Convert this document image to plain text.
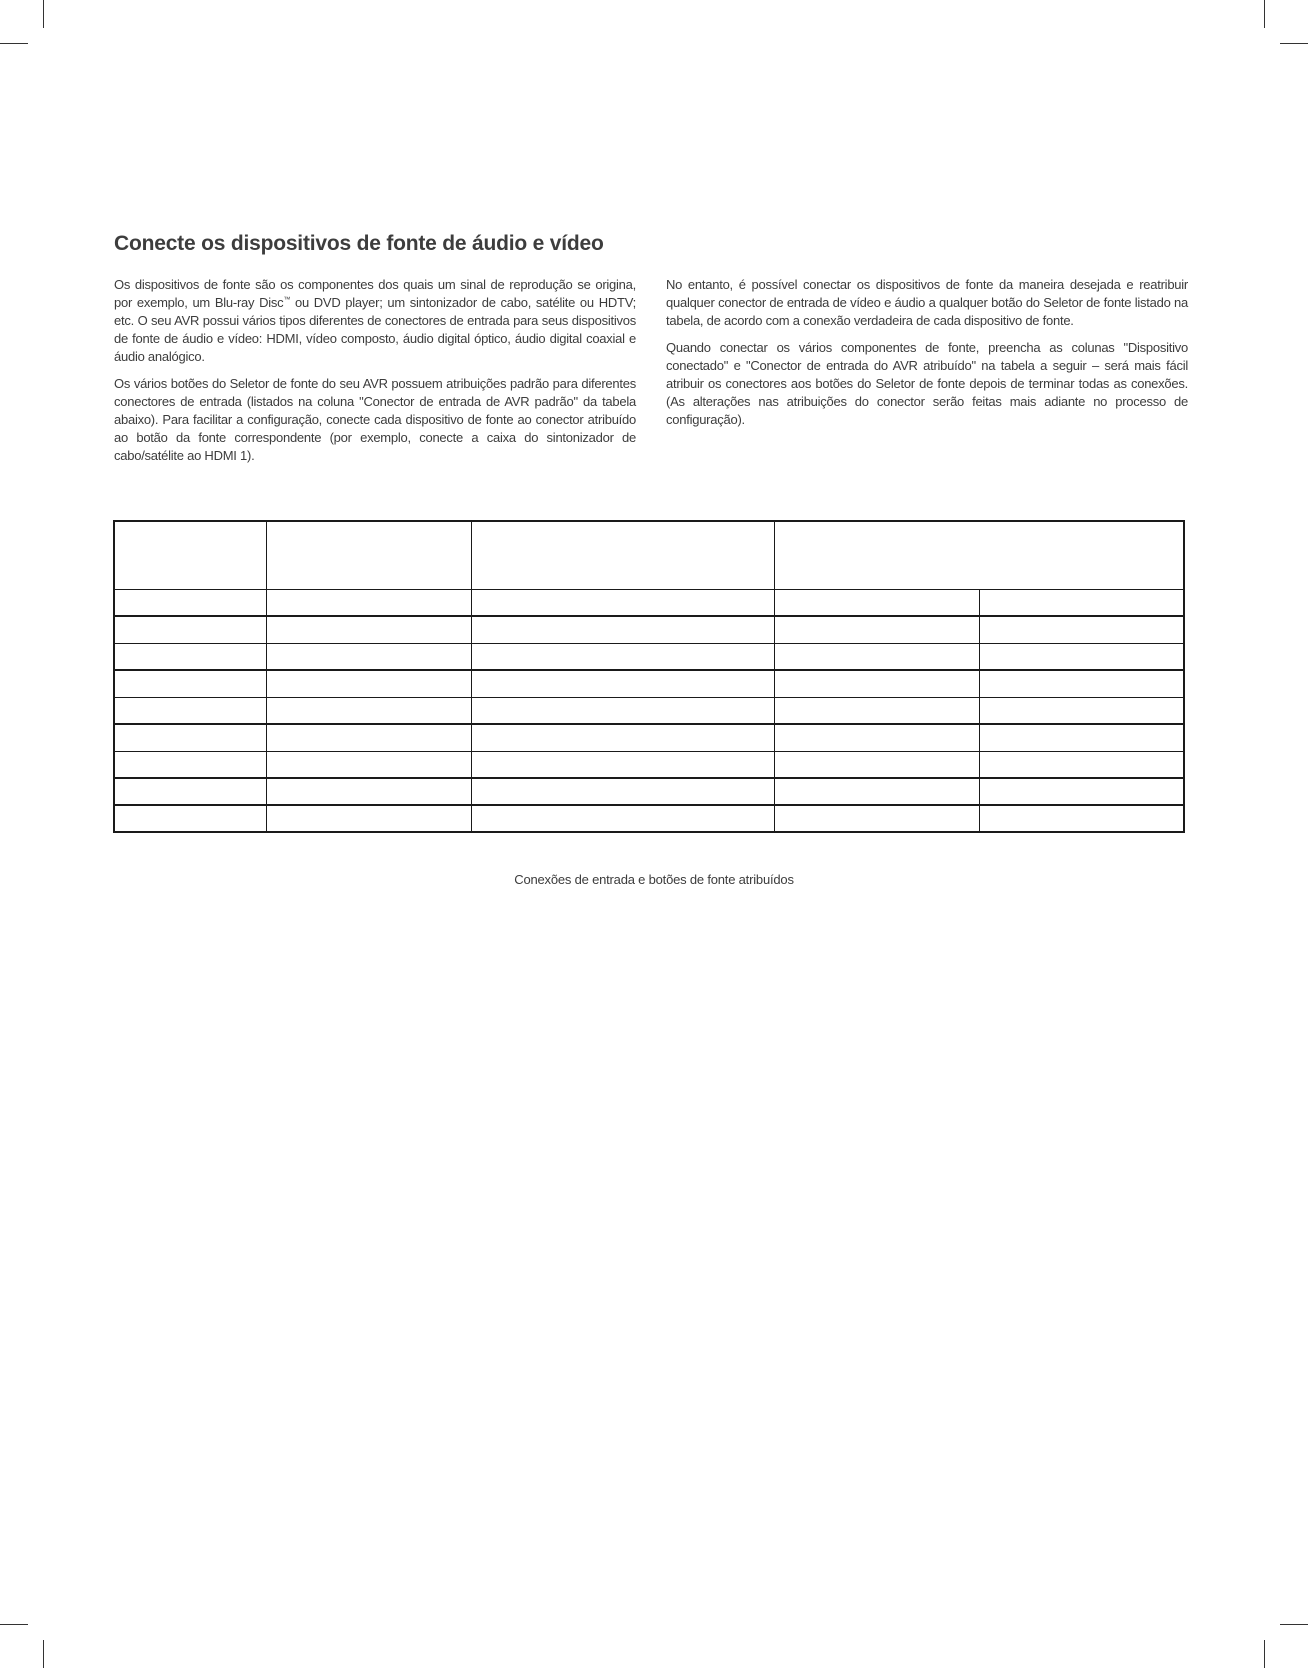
Conecte os dispositivos de fonte de áudio e vídeo

Os dispositivos de fonte são os componentes dos quais um sinal de reprodução se origina, por exemplo, um Blu-ray Disc™ ou DVD player; um sintonizador de cabo, satélite ou HDTV; etc. O seu AVR possui vários tipos diferentes de conectores de entrada para seus dispositivos de fonte de áudio e vídeo: HDMI, vídeo composto, áudio digital óptico, áudio digital coaxial e áudio analógico.

Os vários botões do Seletor de fonte do seu AVR possuem atribuições padrão para diferentes conectores de entrada (listados na coluna "Conector de entrada de AVR padrão" da tabela abaixo). Para facilitar a configuração, conecte cada dispositivo de fonte ao conector atribuído ao botão da fonte correspondente (por exemplo, conecte a caixa do sintonizador de cabo/satélite ao HDMI 1).

No entanto, é possível conectar os dispositivos de fonte da maneira desejada e reatribuir qualquer conector de entrada de vídeo e áudio a qualquer botão do Seletor de fonte listado na tabela, de acordo com a conexão verdadeira de cada dispositivo de fonte.

Quando conectar os vários componentes de fonte, preencha as colunas "Dispositivo conectado" e "Conector de entrada do AVR atribuído" na tabela a seguir – será mais fácil atribuir os conectores aos botões do Seletor de fonte depois de terminar todas as conexões. (As alterações nas atribuições do conector serão feitas mais adiante no processo de configuração).

Conexões de entrada e botões de fonte atribuídos
